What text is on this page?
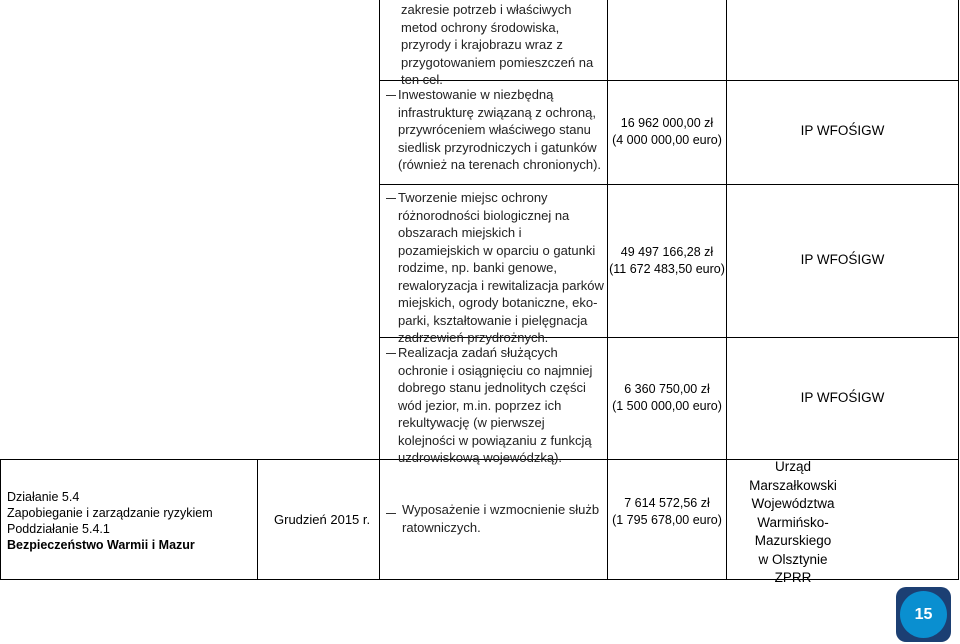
zakresie potrzeb i właściwych metod ochrony środowiska, przyrody i krajobrazu wraz z przygotowaniem pomieszczeń na ten cel.
Inwestowanie w niezbędną infrastrukturę związaną z ochroną, przywróceniem właściwego stanu siedlisk przyrodniczych i gatunków (również na terenach chronionych).
16 962 000,00 zł
(4 000 000,00 euro)
IP WFOŚIGW
Tworzenie miejsc ochrony różnorodności biologicznej na obszarach miejskich i pozamiejskich w oparciu o gatunki rodzime, np. banki genowe, rewaloryzacja i rewitalizacja parków miejskich, ogrody botaniczne, eko-parki, kształtowanie i pielęgnacja zadrzewień przydrożnych.
49 497 166,28 zł
(11 672 483,50 euro)
IP WFOŚIGW
Realizacja zadań służących ochronie i osiągnięciu co najmniej dobrego stanu jednolitych części wód jezior, m.in. poprzez ich rekultywację (w pierwszej kolejności w powiązaniu z funkcją uzdrowiskową wojewódzką).
6 360 750,00 zł
(1 500 000,00 euro)
IP WFOŚIGW
Działanie 5.4
Zapobieganie i zarządzanie ryzykiem
Poddziałanie 5.4.1
Bezpieczeństwo Warmii i Mazur
Grudzień 2015 r.
Wyposażenie i wzmocnienie służb ratowniczych.
7 614 572,56 zł
(1 795 678,00 euro)
Urząd Marszałkowski Województwa Warmińsko-Mazurskiego w Olsztynie ZPRR
15
